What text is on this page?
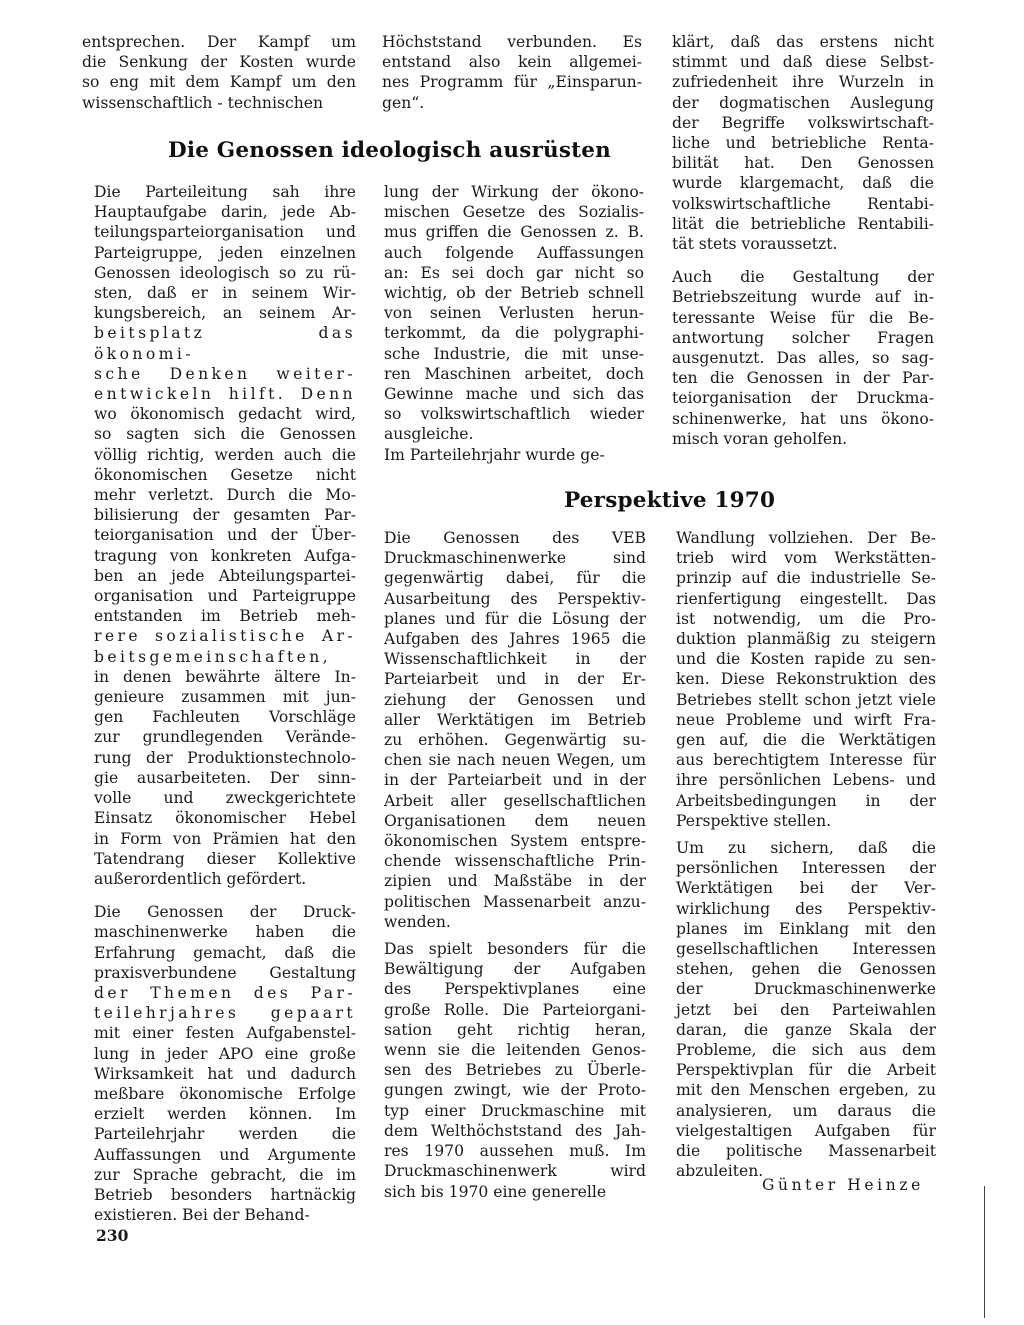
entsprechen. Der Kampf um
die Senkung der Kosten wurde
so eng mit dem Kampf um den
wissenschaftlich - technischen

Höchststand verbunden. Es
entstand also kein allgemei-
nes Programm für „Einsparun-
gen“.

klärt, daß das erstens nicht
stimmt und daß diese Selbst-
zufriedenheit ihre Wurzeln in
der dogmatischen Auslegung
der Begriffe volkswirtschaft-
liche und betriebliche Renta-
bilität hat. Den Genossen
wurde klargemacht, daß die
volkswirtschaftliche Rentabi-
lität die betriebliche Rentabili-
tät stets voraussetzt.

Auch die Gestaltung der
Betriebszeitung wurde auf in-
teressante Weise für die Be-
antwortung solcher Fragen
ausgenutzt. Das alles, so sag-
ten die Genossen in der Par-
teiorganisation der Druckma-
schinenwerke, hat uns ökono-
misch voran geholfen.

Die Genossen ideologisch ausrüsten

Die Parteileitung sah ihre
Hauptaufgabe darin, jede Ab-
teilungsparteiorganisation und
Parteigruppe, jeden einzelnen
Genossen ideologisch so zu rü-
sten, daß er in seinem Wir-
kungsbereich, an seinem Ar-
beitsplatz das ökonomi-
sche Denken weiter-
entwickeln hilft. Denn
wo ökonomisch gedacht wird,
so sagten sich die Genossen
völlig richtig, werden auch die
ökonomischen Gesetze nicht
mehr verletzt. Durch die Mo-
bilisierung der gesamten Par-
teiorganisation und der Über-
tragung von konkreten Aufga-
ben an jede Abteilungspartei-
organisation und Parteigruppe
entstanden im Betrieb meh-
rere sozialistische Ar-
beitsgemeinschaften,
in denen bewährte ältere In-
genieure zusammen mit jun-
gen Fachleuten Vorschläge
zur grundlegenden Verände-
rung der Produktionstechnolo-
gie ausarbeiteten. Der sinn-
volle und zweckgerichtete
Einsatz ökonomischer Hebel
in Form von Prämien hat den
Tatendrang dieser Kollektive
außerordentlich gefördert.

Die Genossen der Druck-
maschinenwerke haben die
Erfahrung gemacht, daß die
praxisverbundene Gestaltung
der Themen des Par-
teilehrjahres gepaart
mit einer festen Aufgabenstel-
lung in jeder APO eine große
Wirksamkeit hat und dadurch
meßbare ökonomische Erfolge
erzielt werden können. Im
Parteilehrjahr werden die
Auffassungen und Argumente
zur Sprache gebracht, die im
Betrieb besonders hartnäckig
existieren. Bei der Behand-

lung der Wirkung der ökono-
mischen Gesetze des Sozialis-
mus griffen die Genossen z. B.
auch folgende Auffassungen
an: Es sei doch gar nicht so
wichtig, ob der Betrieb schnell
von seinen Verlusten herun-
terkommt, da die polygraphi-
sche Industrie, die mit unse-
ren Maschinen arbeitet, doch
Gewinne mache und sich das
so volkswirtschaftlich wieder
ausgleiche.
Im Parteilehrjahr wurde ge-

Perspektive 1970

Die Genossen des VEB
Druckmaschinenwerke sind
gegenwärtig dabei, für die
Ausarbeitung des Perspektiv-
planes und für die Lösung der
Aufgaben des Jahres 1965 die
Wissenschaftlichkeit in der
Parteiarbeit und in der Er-
ziehung der Genossen und
aller Werktätigen im Betrieb
zu erhöhen. Gegenwärtig su-
chen sie nach neuen Wegen, um
in der Parteiarbeit und in der
Arbeit aller gesellschaftlichen
Organisationen dem neuen
ökonomischen System entspre-
chende wissenschaftliche Prin-
zipien und Maßstäbe in der
politischen Massenarbeit anzu-
wenden.

Das spielt besonders für die
Bewältigung der Aufgaben
des Perspektivplanes eine
große Rolle. Die Parteiorgani-
sation geht richtig heran,
wenn sie die leitenden Genos-
sen des Betriebes zu Überle-
gungen zwingt, wie der Proto-
typ einer Druckmaschine mit
dem Welthöchststand des Jah-
res 1970 aussehen muß. Im
Druckmaschinenwerk wird
sich bis 1970 eine generelle

Wandlung vollziehen. Der Be-
trieb wird vom Werkstätten-
prinzip auf die industrielle Se-
rienfertigung eingestellt. Das
ist notwendig, um die Pro-
duktion planmäßig zu steigern
und die Kosten rapide zu sen-
ken. Diese Rekonstruktion des
Betriebes stellt schon jetzt viele
neue Probleme und wirft Fra-
gen auf, die die Werktätigen
aus berechtigtem Interesse für
ihre persönlichen Lebens- und
Arbeitsbedingungen in der
Perspektive stellen.

Um zu sichern, daß die
persönlichen Interessen der
Werktätigen bei der Ver-
wirklichung des Perspektiv-
planes im Einklang mit den
gesellschaftlichen Interessen
stehen, gehen die Genossen
der Druckmaschinenwerke
jetzt bei den Parteiwahlen
daran, die ganze Skala der
Probleme, die sich aus dem
Perspektivplan für die Arbeit
mit den Menschen ergeben, zu
analysieren, um daraus die
vielgestaltigen Aufgaben für
die politische Massenarbeit
abzuleiten.

Günter Heinze
230
